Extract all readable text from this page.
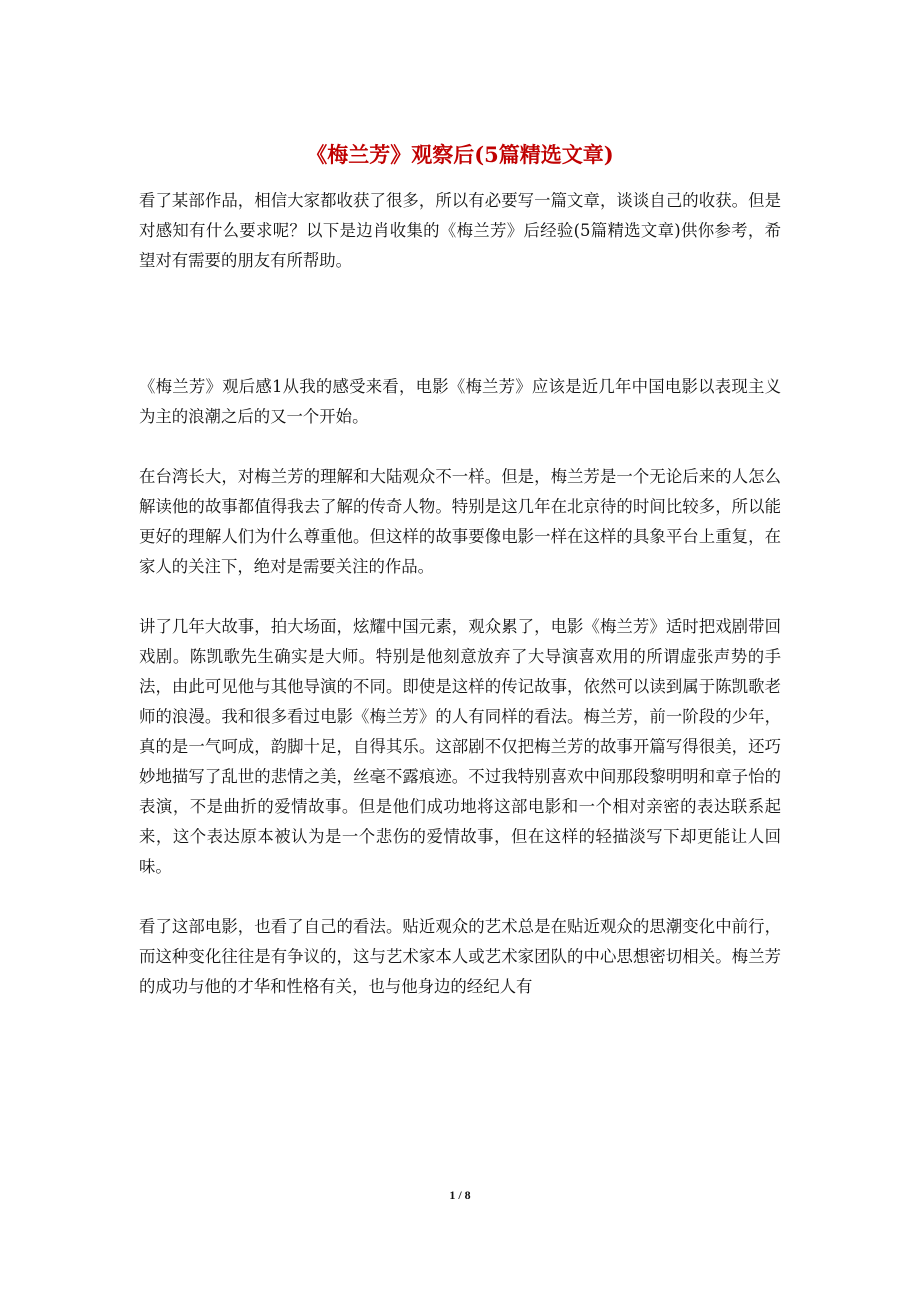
《梅兰芳》观察后(5篇精选文章)

看了某部作品，相信大家都收获了很多，所以有必要写一篇文章，谈谈自己的收获。但是对感知有什么要求呢？以下是边肖收集的《梅兰芳》后经验(5篇精选文章)供你参考，希望对有需要的朋友有所帮助。

《梅兰芳》观后感1从我的感受来看，电影《梅兰芳》应该是近几年中国电影以表现主义为主的浪潮之后的又一个开始。

在台湾长大，对梅兰芳的理解和大陆观众不一样。但是，梅兰芳是一个无论后来的人怎么解读他的故事都值得我去了解的传奇人物。特别是这几年在北京待的时间比较多，所以能更好的理解人们为什么尊重他。但这样的故事要像电影一样在这样的具象平台上重复，在家人的关注下，绝对是需要关注的作品。

讲了几年大故事，拍大场面，炫耀中国元素，观众累了，电影《梅兰芳》适时把戏剧带回戏剧。陈凯歌先生确实是大师。特别是他刻意放弃了大导演喜欢用的所谓虚张声势的手法，由此可见他与其他导演的不同。即使是这样的传记故事，依然可以读到属于陈凯歌老师的浪漫。我和很多看过电影《梅兰芳》的人有同样的看法。梅兰芳，前一阶段的少年，真的是一气呵成，韵脚十足，自得其乐。这部剧不仅把梅兰芳的故事开篇写得很美，还巧妙地描写了乱世的悲情之美，丝毫不露痕迹。不过我特别喜欢中间那段黎明明和章子怡的表演，不是曲折的爱情故事。但是他们成功地将这部电影和一个相对亲密的表达联系起来，这个表达原本被认为是一个悲伤的爱情故事，但在这样的轻描淡写下却更能让人回味。

看了这部电影，也看了自己的看法。贴近观众的艺术总是在贴近观众的思潮变化中前行，而这种变化往往是有争议的，这与艺术家本人或艺术家团队的中心思想密切相关。梅兰芳的成功与他的才华和性格有关，也与他身边的经纪人有

1 / 8
